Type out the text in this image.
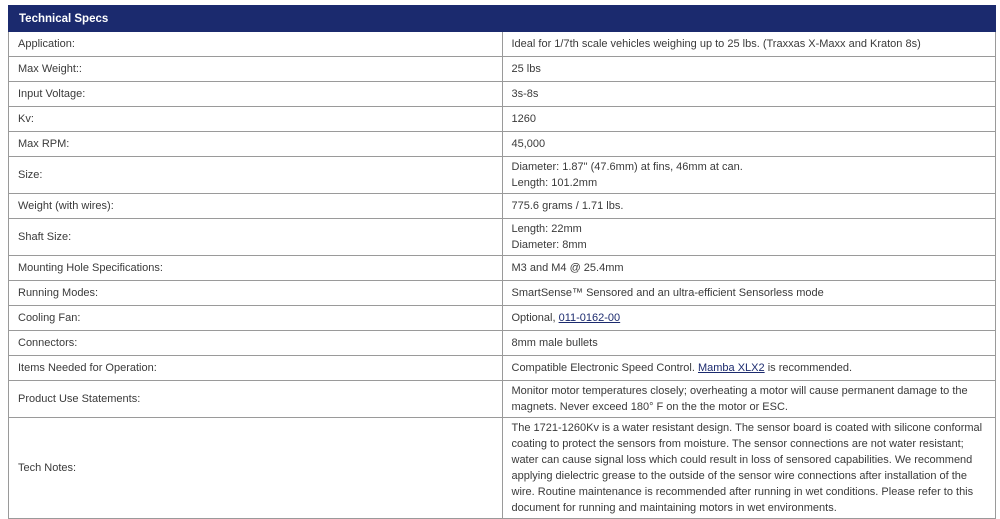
Technical Specs	
Application:	Ideal for 1/7th scale vehicles weighing up to 25 lbs. (Traxxas X-Maxx and Kraton 8s)
Max Weight::	25 lbs
Input Voltage:	3s-8s
Kv:	1260
Max RPM:	45,000
Size:	Diameter: 1.87" (47.6mm) at fins, 46mm at can.
Length: 101.2mm

Weight (with wires):	775.6 grams / 1.71 lbs.
Shaft Size:	Length: 22mm
Diameter: 8mm

Mounting Hole Specifications:	M3 and M4 @ 25.4mm
Running Modes:	SmartSense™ Sensored and an ultra-efficient Sensorless mode
Cooling Fan:	Optional, 011-0162-00
Connectors:	8mm male bullets
Items Needed for Operation:	Compatible Electronic Speed Control. Mamba XLX2 is recommended.
Product Use Statements:	Monitor motor temperatures closely; overheating a motor will cause permanent damage to the magnets. Never exceed 180° F on the the motor or ESC.
Tech Notes:	The 1721-1260Kv is a water resistant design. The sensor board is coated with silicone conformal coating to protect the sensors from moisture. The sensor connections are not water resistant; water can cause signal loss which could result in loss of sensored capabilities. We recommend applying dielectric grease to the outside of the sensor wire connections after installation of the wire. Routine maintenance is recommended after running in wet conditions. Please refer to this document for running and maintaining motors in wet environments.
